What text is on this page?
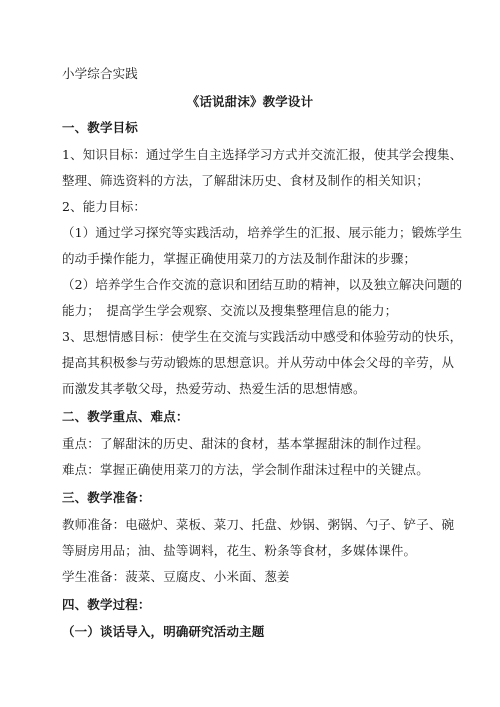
小学综合实践
《话说甜沫》教学设计
一、教学目标
1、知识目标：通过学生自主选择学习方式并交流汇报，使其学会搜集、
整理、筛选资料的方法，了解甜沫历史、食材及制作的相关知识；
2、能力目标：
（1）通过学习探究等实践活动，培养学生的汇报、展示能力；锻炼学生
的动手操作能力，掌握正确使用菜刀的方法及制作甜沫的步骤；
（2）培养学生合作交流的意识和团结互助的精神，以及独立解决问题的
能力；　提高学生学会观察、交流以及搜集整理信息的能力；
3、思想情感目标：使学生在交流与实践活动中感受和体验劳动的快乐，
提高其积极参与劳动锻炼的思想意识。并从劳动中体会父母的辛劳，从
而激发其孝敬父母，热爱劳动、热爱生活的思想情感。
二、教学重点、难点：
重点：了解甜沫的历史、甜沫的食材，基本掌握甜沫的制作过程。
难点：掌握正确使用菜刀的方法，学会制作甜沫过程中的关键点。
三、教学准备：
教师准备：电磁炉、菜板、菜刀、托盘、炒锅、粥锅、勺子、铲子、碗
等厨房用品；油、盐等调料，花生、粉条等食材，多媒体课件。
学生准备：菠菜、豆腐皮、小米面、葱姜
四、教学过程：
（一）谈话导入，明确研究活动主题
